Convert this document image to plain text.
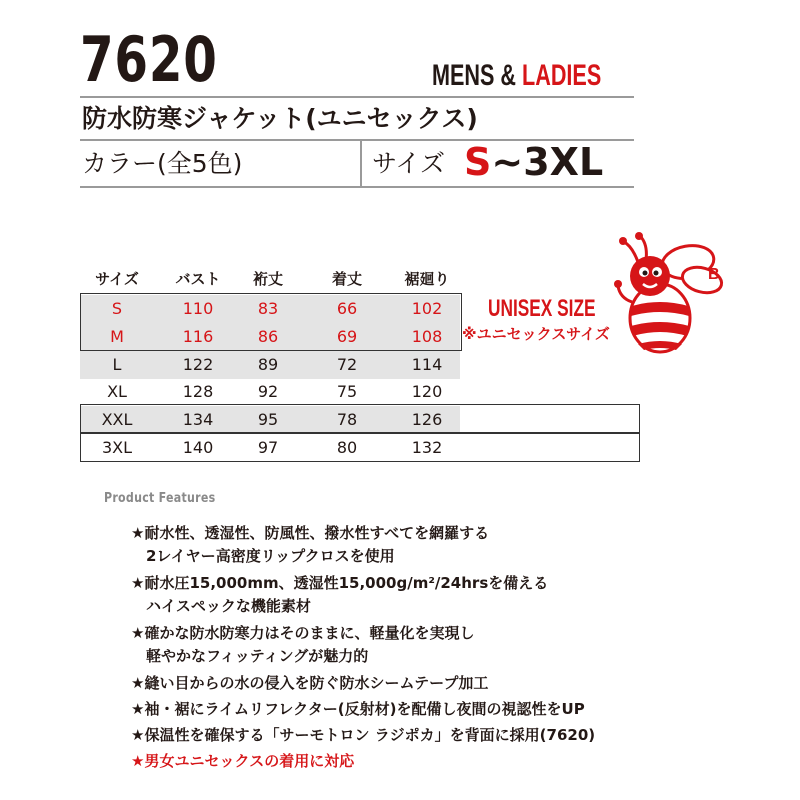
7620	MENS & LADIES
防水防寒ジャケット(ユニセックス)
カラー(全5色)	サイズ S~3XL
サイズ	バスト	裄丈	着丈	裾廻り
S	110	83	66	102
M	116	86	69	108
L	122	89	72	114
XL	128	92	75	120
XXL	134	95	78	126
3XL	140	97	80	132
UNISEX SIZE
※ユニセックスサイズ
B
Product Features
★耐水性、透湿性、防風性、撥水性すべてを網羅する
　2レイヤー高密度リップクロスを使用
★耐水圧15,000mm、透湿性15,000g/m²/24hrsを備える
　ハイスペックな機能素材
★確かな防水防寒力はそのままに、軽量化を実現し
　軽やかなフィッティングが魅力的
★縫い目からの水の侵入を防ぐ防水シームテープ加工
★袖・裾にライムリフレクター(反射材)を配備し夜間の視認性をUP
★保温性を確保する「サーモトロン ラジポカ」を背面に採用(7620)
★男女ユニセックスの着用に対応
